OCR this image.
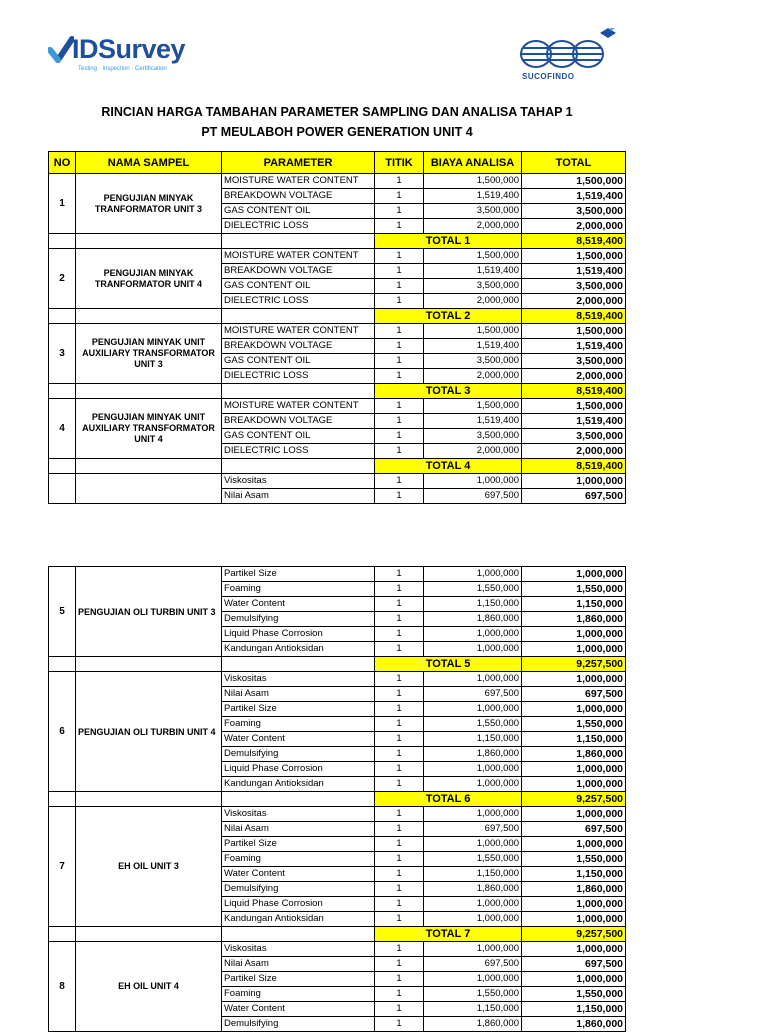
IDSurvey
Testing · Inspection · Certification
SUCOFINDO
RINCIAN HARGA TAMBAHAN PARAMETER SAMPLING DAN ANALISA TAHAP 1
PT MEULABOH POWER GENERATION UNIT 4
NO	NAMA SAMPEL	PARAMETER	TITIK	BIAYA ANALISA	TOTAL
1	PENGUJIAN MINYAK TRANFORMATOR UNIT 3	MOISTURE WATER CONTENT	1	1,500,000	1,500,000
		BREAKDOWN VOLTAGE	1	1,519,400	1,519,400
		GAS CONTENT OIL	1	3,500,000	3,500,000
		DIELECTRIC LOSS	1	2,000,000	2,000,000
			TOTAL 1		8,519,400
2	PENGUJIAN MINYAK TRANFORMATOR UNIT 4	MOISTURE WATER CONTENT	1	1,500,000	1,500,000
		BREAKDOWN VOLTAGE	1	1,519,400	1,519,400
		GAS CONTENT OIL	1	3,500,000	3,500,000
		DIELECTRIC LOSS	1	2,000,000	2,000,000
			TOTAL 2		8,519,400
3	PENGUJIAN MINYAK UNIT AUXILIARY TRANSFORMATOR UNIT 3	MOISTURE WATER CONTENT	1	1,500,000	1,500,000
		BREAKDOWN VOLTAGE	1	1,519,400	1,519,400
		GAS CONTENT OIL	1	3,500,000	3,500,000
		DIELECTRIC LOSS	1	2,000,000	2,000,000
			TOTAL 3		8,519,400
4	PENGUJIAN MINYAK UNIT AUXILIARY TRANSFORMATOR UNIT 4	MOISTURE WATER CONTENT	1	1,500,000	1,500,000
		BREAKDOWN VOLTAGE	1	1,519,400	1,519,400
		GAS CONTENT OIL	1	3,500,000	3,500,000
		DIELECTRIC LOSS	1	2,000,000	2,000,000
			TOTAL 4		8,519,400
		Viskositas	1	1,000,000	1,000,000
		Nilai Asam	1	697,500	697,500
5	PENGUJIAN OLI TURBIN UNIT 3	Partikel Size	1	1,000,000	1,000,000
		Foaming	1	1,550,000	1,550,000
		Water Content	1	1,150,000	1,150,000
		Demulsifying	1	1,860,000	1,860,000
		Liquid Phase Corrosion	1	1,000,000	1,000,000
		Kandungan Antioksidan	1	1,000,000	1,000,000
			TOTAL 5		9,257,500
6	PENGUJIAN OLI TURBIN UNIT 4	Viskositas	1	1,000,000	1,000,000
		Nilai Asam	1	697,500	697,500
		Partikel Size	1	1,000,000	1,000,000
		Foaming	1	1,550,000	1,550,000
		Water Content	1	1,150,000	1,150,000
		Demulsifying	1	1,860,000	1,860,000
		Liquid Phase Corrosion	1	1,000,000	1,000,000
		Kandungan Antioksidan	1	1,000,000	1,000,000
			TOTAL 6		9,257,500
7	EH OIL UNIT 3	Viskositas	1	1,000,000	1,000,000
		Nilai Asam	1	697,500	697,500
		Partikel Size	1	1,000,000	1,000,000
		Foaming	1	1,550,000	1,550,000
		Water Content	1	1,150,000	1,150,000
		Demulsifying	1	1,860,000	1,860,000
		Liquid Phase Corrosion	1	1,000,000	1,000,000
		Kandungan Antioksidan	1	1,000,000	1,000,000
			TOTAL 7		9,257,500
8	EH OIL UNIT 4	Viskositas	1	1,000,000	1,000,000
		Nilai Asam	1	697,500	697,500
		Partikel Size	1	1,000,000	1,000,000
		Foaming	1	1,550,000	1,550,000
		Water Content	1	1,150,000	1,150,000
		Demulsifying	1	1,860,000	1,860,000
